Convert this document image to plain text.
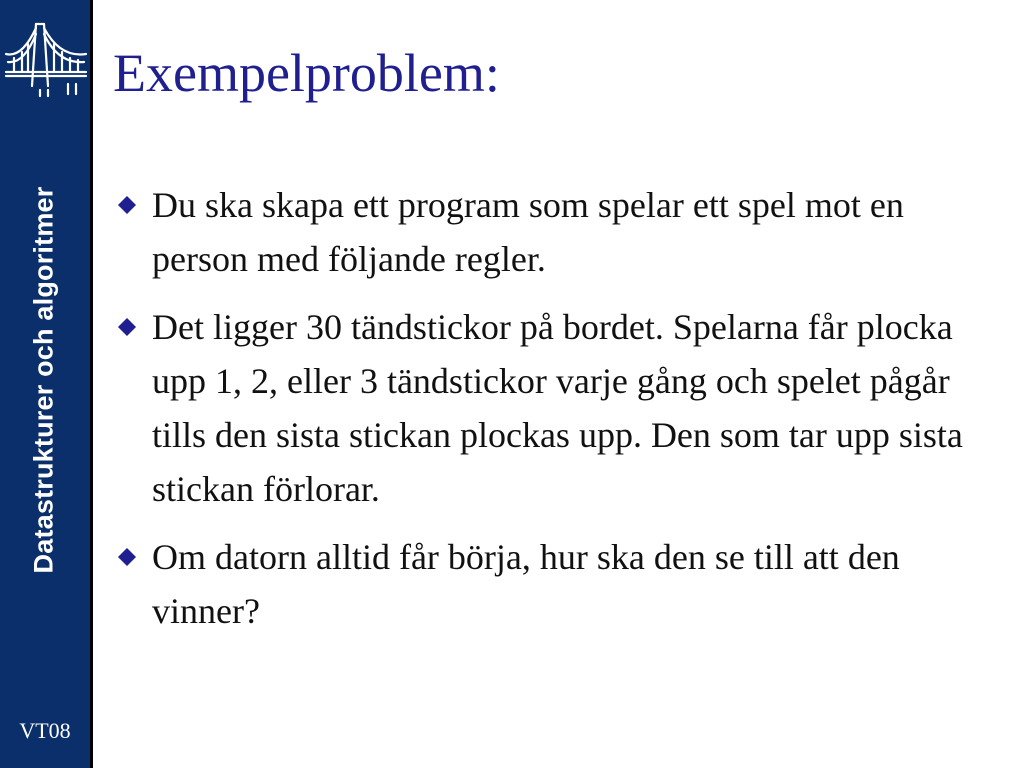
Datastrukturer och algoritmer
VT08
Exempelproblem:
Du ska skapa ett program som spelar ett spel mot en person med följande regler.
Det ligger 30 tändstickor på bordet. Spelarna får plocka upp 1, 2, eller 3 tändstickor varje gång och spelet pågår tills den sista stickan plockas upp. Den som tar upp sista stickan förlorar.
Om datorn alltid får börja, hur ska den se till att den vinner?
